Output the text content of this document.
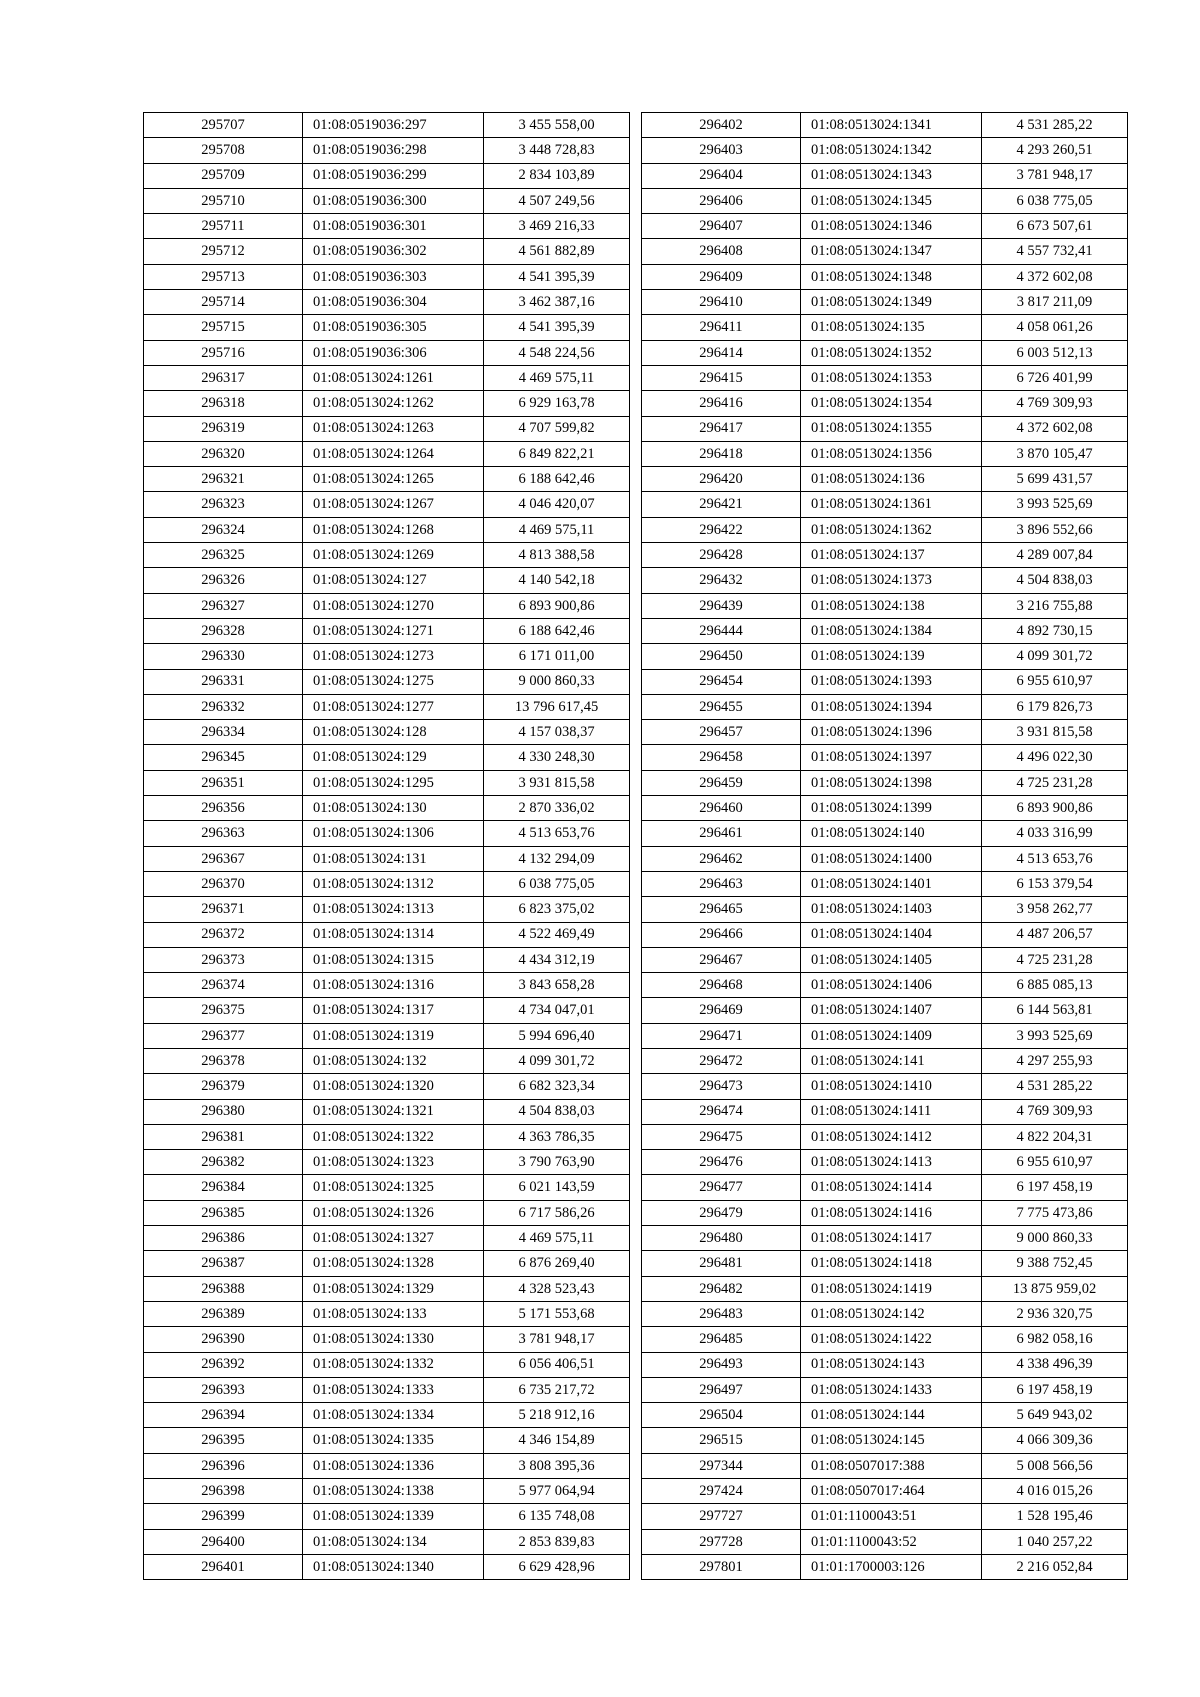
295707	01:08:0519036:297	3 455 558,00
295708	01:08:0519036:298	3 448 728,83
295709	01:08:0519036:299	2 834 103,89
295710	01:08:0519036:300	4 507 249,56
295711	01:08:0519036:301	3 469 216,33
295712	01:08:0519036:302	4 561 882,89
295713	01:08:0519036:303	4 541 395,39
295714	01:08:0519036:304	3 462 387,16
295715	01:08:0519036:305	4 541 395,39
295716	01:08:0519036:306	4 548 224,56
296317	01:08:0513024:1261	4 469 575,11
296318	01:08:0513024:1262	6 929 163,78
296319	01:08:0513024:1263	4 707 599,82
296320	01:08:0513024:1264	6 849 822,21
296321	01:08:0513024:1265	6 188 642,46
296323	01:08:0513024:1267	4 046 420,07
296324	01:08:0513024:1268	4 469 575,11
296325	01:08:0513024:1269	4 813 388,58
296326	01:08:0513024:127	4 140 542,18
296327	01:08:0513024:1270	6 893 900,86
296328	01:08:0513024:1271	6 188 642,46
296330	01:08:0513024:1273	6 171 011,00
296331	01:08:0513024:1275	9 000 860,33
296332	01:08:0513024:1277	13 796 617,45
296334	01:08:0513024:128	4 157 038,37
296345	01:08:0513024:129	4 330 248,30
296351	01:08:0513024:1295	3 931 815,58
296356	01:08:0513024:130	2 870 336,02
296363	01:08:0513024:1306	4 513 653,76
296367	01:08:0513024:131	4 132 294,09
296370	01:08:0513024:1312	6 038 775,05
296371	01:08:0513024:1313	6 823 375,02
296372	01:08:0513024:1314	4 522 469,49
296373	01:08:0513024:1315	4 434 312,19
296374	01:08:0513024:1316	3 843 658,28
296375	01:08:0513024:1317	4 734 047,01
296377	01:08:0513024:1319	5 994 696,40
296378	01:08:0513024:132	4 099 301,72
296379	01:08:0513024:1320	6 682 323,34
296380	01:08:0513024:1321	4 504 838,03
296381	01:08:0513024:1322	4 363 786,35
296382	01:08:0513024:1323	3 790 763,90
296384	01:08:0513024:1325	6 021 143,59
296385	01:08:0513024:1326	6 717 586,26
296386	01:08:0513024:1327	4 469 575,11
296387	01:08:0513024:1328	6 876 269,40
296388	01:08:0513024:1329	4 328 523,43
296389	01:08:0513024:133	5 171 553,68
296390	01:08:0513024:1330	3 781 948,17
296392	01:08:0513024:1332	6 056 406,51
296393	01:08:0513024:1333	6 735 217,72
296394	01:08:0513024:1334	5 218 912,16
296395	01:08:0513024:1335	4 346 154,89
296396	01:08:0513024:1336	3 808 395,36
296398	01:08:0513024:1338	5 977 064,94
296399	01:08:0513024:1339	6 135 748,08
296400	01:08:0513024:134	2 853 839,83
296401	01:08:0513024:1340	6 629 428,96
296402	01:08:0513024:1341	4 531 285,22
296403	01:08:0513024:1342	4 293 260,51
296404	01:08:0513024:1343	3 781 948,17
296406	01:08:0513024:1345	6 038 775,05
296407	01:08:0513024:1346	6 673 507,61
296408	01:08:0513024:1347	4 557 732,41
296409	01:08:0513024:1348	4 372 602,08
296410	01:08:0513024:1349	3 817 211,09
296411	01:08:0513024:135	4 058 061,26
296414	01:08:0513024:1352	6 003 512,13
296415	01:08:0513024:1353	6 726 401,99
296416	01:08:0513024:1354	4 769 309,93
296417	01:08:0513024:1355	4 372 602,08
296418	01:08:0513024:1356	3 870 105,47
296420	01:08:0513024:136	5 699 431,57
296421	01:08:0513024:1361	3 993 525,69
296422	01:08:0513024:1362	3 896 552,66
296428	01:08:0513024:137	4 289 007,84
296432	01:08:0513024:1373	4 504 838,03
296439	01:08:0513024:138	3 216 755,88
296444	01:08:0513024:1384	4 892 730,15
296450	01:08:0513024:139	4 099 301,72
296454	01:08:0513024:1393	6 955 610,97
296455	01:08:0513024:1394	6 179 826,73
296457	01:08:0513024:1396	3 931 815,58
296458	01:08:0513024:1397	4 496 022,30
296459	01:08:0513024:1398	4 725 231,28
296460	01:08:0513024:1399	6 893 900,86
296461	01:08:0513024:140	4 033 316,99
296462	01:08:0513024:1400	4 513 653,76
296463	01:08:0513024:1401	6 153 379,54
296465	01:08:0513024:1403	3 958 262,77
296466	01:08:0513024:1404	4 487 206,57
296467	01:08:0513024:1405	4 725 231,28
296468	01:08:0513024:1406	6 885 085,13
296469	01:08:0513024:1407	6 144 563,81
296471	01:08:0513024:1409	3 993 525,69
296472	01:08:0513024:141	4 297 255,93
296473	01:08:0513024:1410	4 531 285,22
296474	01:08:0513024:1411	4 769 309,93
296475	01:08:0513024:1412	4 822 204,31
296476	01:08:0513024:1413	6 955 610,97
296477	01:08:0513024:1414	6 197 458,19
296479	01:08:0513024:1416	7 775 473,86
296480	01:08:0513024:1417	9 000 860,33
296481	01:08:0513024:1418	9 388 752,45
296482	01:08:0513024:1419	13 875 959,02
296483	01:08:0513024:142	2 936 320,75
296485	01:08:0513024:1422	6 982 058,16
296493	01:08:0513024:143	4 338 496,39
296497	01:08:0513024:1433	6 197 458,19
296504	01:08:0513024:144	5 649 943,02
296515	01:08:0513024:145	4 066 309,36
297344	01:08:0507017:388	5 008 566,56
297424	01:08:0507017:464	4 016 015,26
297727	01:01:1100043:51	1 528 195,46
297728	01:01:1100043:52	1 040 257,22
297801	01:01:1700003:126	2 216 052,84
